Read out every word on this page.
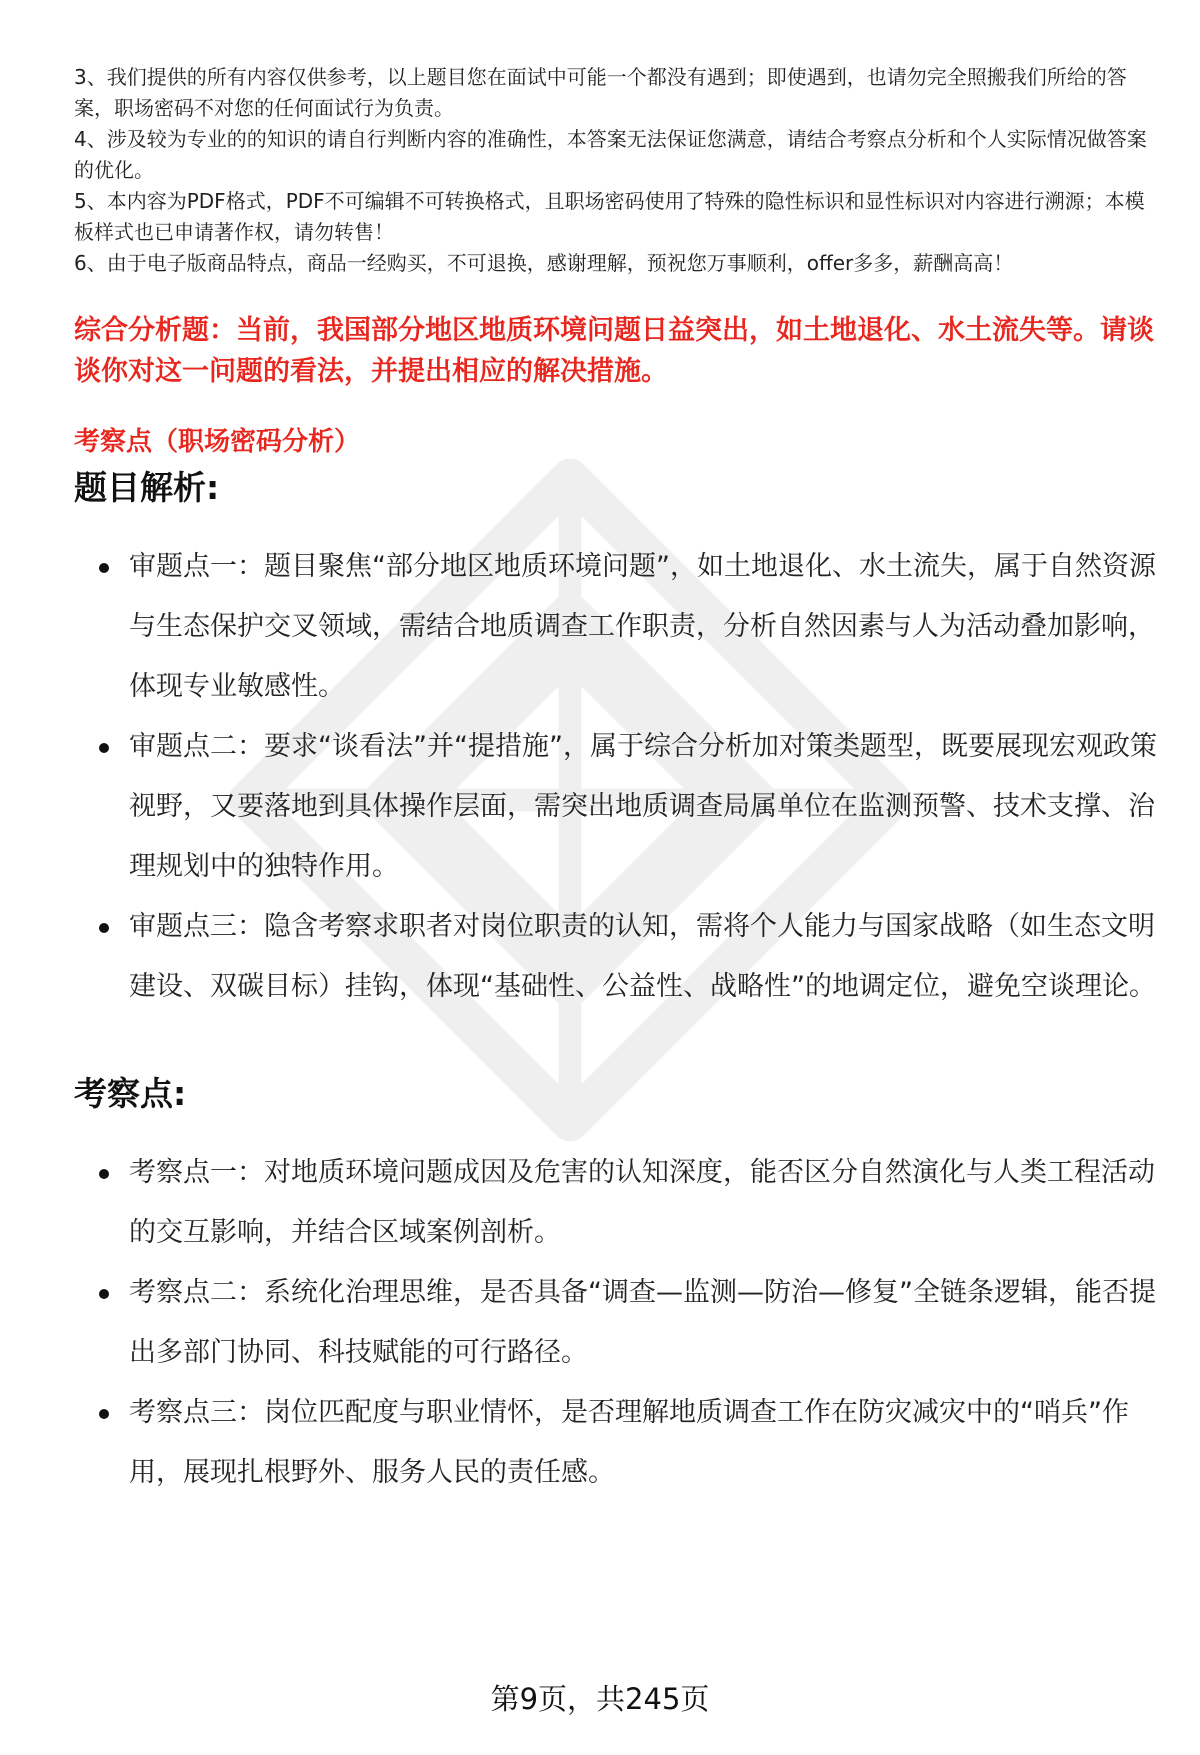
3、我们提供的所有内容仅供参考，以上题目您在面试中可能一个都没有遇到；即使遇到，也请勿完全照搬我们所给的答案，职场密码不对您的任何面试行为负责。

4、涉及较为专业的的知识的请自行判断内容的准确性，本答案无法保证您满意，请结合考察点分析和个人实际情况做答案的优化。

5、本内容为PDF格式，PDF不可编辑不可转换格式，且职场密码使用了特殊的隐性标识和显性标识对内容进行溯源；本模板样式也已申请著作权，请勿转售！

6、由于电子版商品特点，商品一经购买，不可退换，感谢理解，预祝您万事顺利，offer多多，薪酬高高！

综合分析题：当前，我国部分地区地质环境问题日益突出，如土地退化、水土流失等。请谈谈你对这一问题的看法，并提出相应的解决措施。
考察点（职场密码分析）
题目解析:
审题点一：题目聚焦“部分地区地质环境问题”，如土地退化、水土流失，属于自然资源与生态保护交叉领域，需结合地质调查工作职责，分析自然因素与人为活动叠加影响，体现专业敏感性。
审题点二：要求“谈看法”并“提措施”，属于综合分析加对策类题型，既要展现宏观政策视野，又要落地到具体操作层面，需突出地质调查局属单位在监测预警、技术支撑、治理规划中的独特作用。
审题点三：隐含考察求职者对岗位职责的认知，需将个人能力与国家战略（如生态文明建设、双碳目标）挂钩，体现“基础性、公益性、战略性”的地调定位，避免空谈理论。
考察点:
考察点一：对地质环境问题成因及危害的认知深度，能否区分自然演化与人类工程活动的交互影响，并结合区域案例剖析。
考察点二：系统化治理思维，是否具备“调查—监测—防治—修复”全链条逻辑，能否提出多部门协同、科技赋能的可行路径。
考察点三：岗位匹配度与职业情怀，是否理解地质调查工作在防灾减灾中的“哨兵”作用，展现扎根野外、服务人民的责任感。
第9页，共245页
